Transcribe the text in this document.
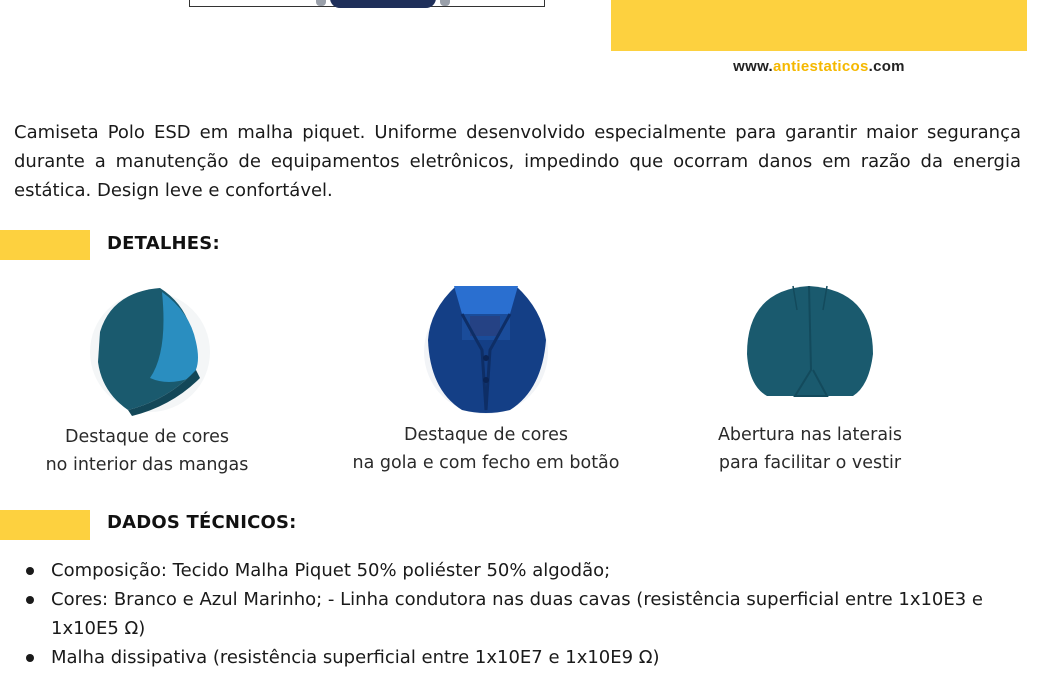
www.antiestaticos.com

Camiseta Polo ESD em malha piquet. Uniforme desenvolvido especialmente para garantir maior segurança durante a manutenção de equipamentos eletrônicos, impedindo que ocorram danos em razão da energia estática. Design leve e confortável.

DETALHES:
Destaque de cores
no interior das mangas
Destaque de cores
na gola e com fecho em botão
Abertura nas laterais
para facilitar o vestir
DADOS TÉCNICOS:
Composição: Tecido Malha Piquet 50% poliéster 50% algodão;
Cores: Branco e Azul Marinho; - Linha condutora nas duas cavas (resistência superficial entre 1x10E3 e 1x10E5 Ω)
Malha dissipativa (resistência superficial entre 1x10E7 e 1x10E9 Ω)
